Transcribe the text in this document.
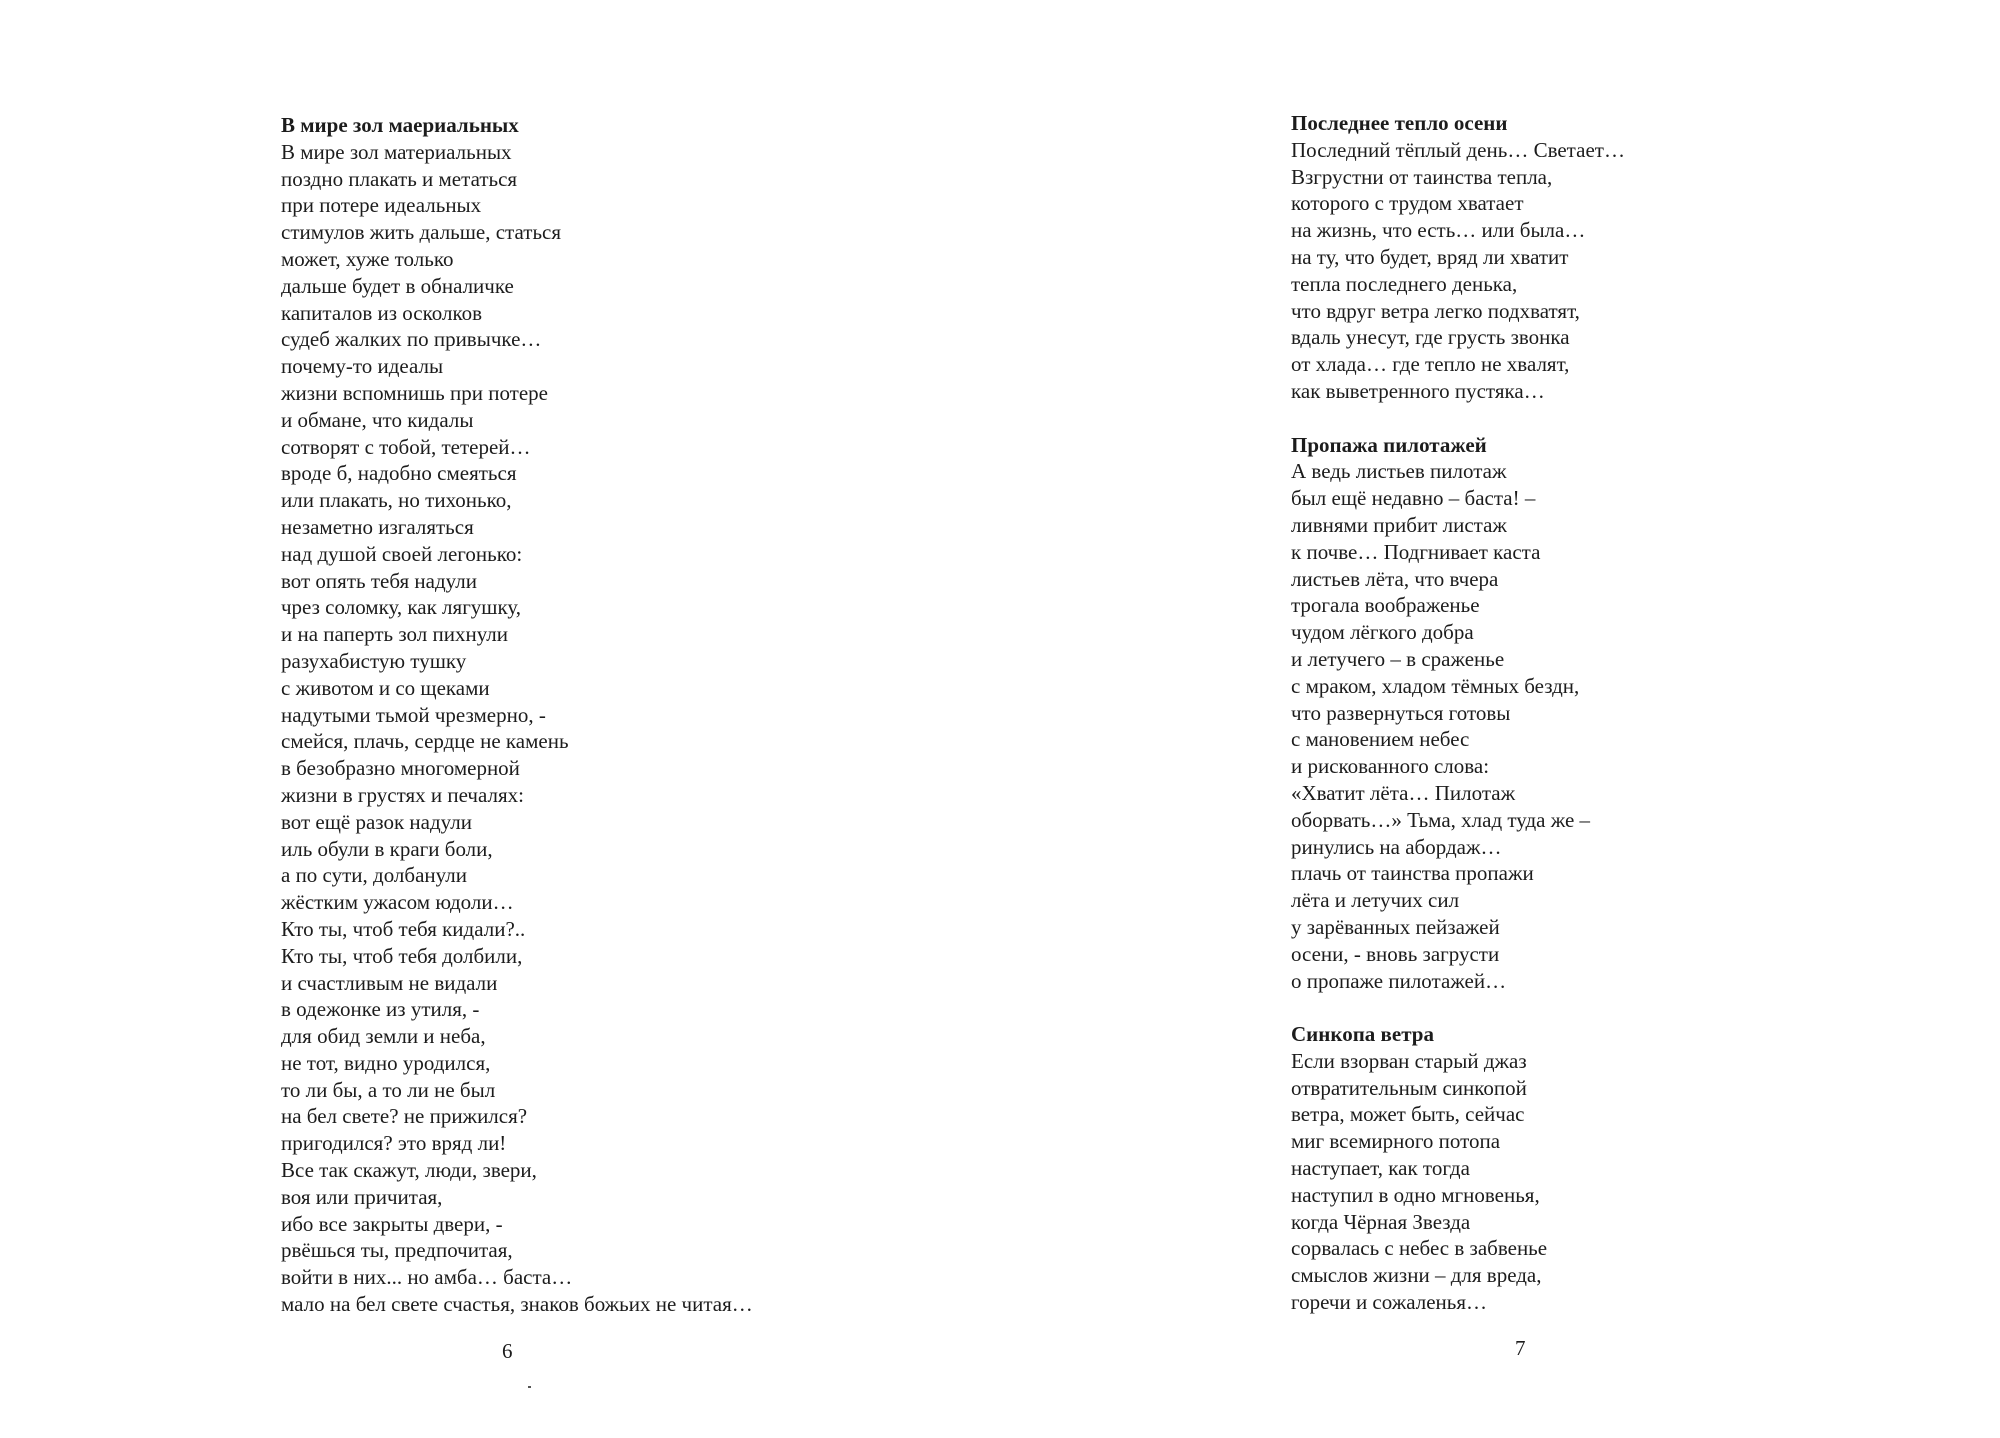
В мире зол маериальных
В мире зол материальных
поздно плакать и метаться
при потере идеальных
стимулов жить дальше, статься
может, хуже только
дальше будет в обналичке
капиталов из осколков
судеб жалких по привычке…
почему-то идеалы
жизни вспомнишь при потере
и обмане, что кидалы
сотворят с тобой, тетерей…
вроде б, надобно смеяться
или плакать, но тихонько,
незаметно изгаляться
над душой своей легонько:
вот опять тебя надули
чрез соломку, как лягушку,
и на паперть зол пихнули
разухабистую тушку
с животом и со щеками
надутыми тьмой чрезмерно, -
смейся, плачь, сердце не камень
в безобразно многомерной
жизни в грустях и печалях:
вот ещё разок надули
иль обули в краги боли,
а по сути, долбанули
жёстким ужасом юдоли…
Кто ты, чтоб тебя кидали?..
Кто ты, чтоб тебя долбили,
и счастливым не видали
в одежонке из утиля, -
для обид земли и неба,
не тот, видно уродился,
то ли бы, а то ли не был
на бел свете? не прижился?
пригодился? это вряд ли!
Все так скажут, люди, звери,
воя или причитая,
ибо все закрыты двери, -
рвёшься ты, предпочитая,
войти в них... но амба… баста…
мало на бел свете счастья, знаков божьих не читая…
6
Последнее тепло осени
Последний тёплый день… Светает…
Взгрустни от таинства тепла,
которого с трудом хватает
на жизнь, что есть… или была…
на ту, что будет, вряд ли хватит
тепла последнего денька,
что вдруг ветра легко подхватят,
вдаль унесут, где грусть звонка
от хлада… где тепло не хвалят,
как выветренного пустяка…
Пропажа пилотажей
А ведь листьев пилотаж
был ещё недавно – баста! –
ливнями прибит листаж
к почве… Подгнивает каста
листьев лёта, что вчера
трогала воображенье
чудом лёгкого добра
и летучего – в сраженье
с мраком, хладом тёмных бездн,
что развернуться готовы
с мановением небес
и рискованного слова:
«Хватит лёта… Пилотаж
оборвать…» Тьма, хлад туда же –
ринулись на абордаж…
плачь от таинства пропажи
лёта и летучих сил
у зарёванных пейзажей
осени, - вновь загрусти
о пропаже пилотажей…
Синкопа ветра
Если взорван старый джаз
отвратительным синкопой
ветра, может быть, сейчас
миг всемирного потопа
наступает, как тогда
наступил в одно мгновенья,
когда Чёрная Звезда
сорвалась с небес в забвенье
смыслов жизни – для вреда,
горечи и сожаленья…
7
